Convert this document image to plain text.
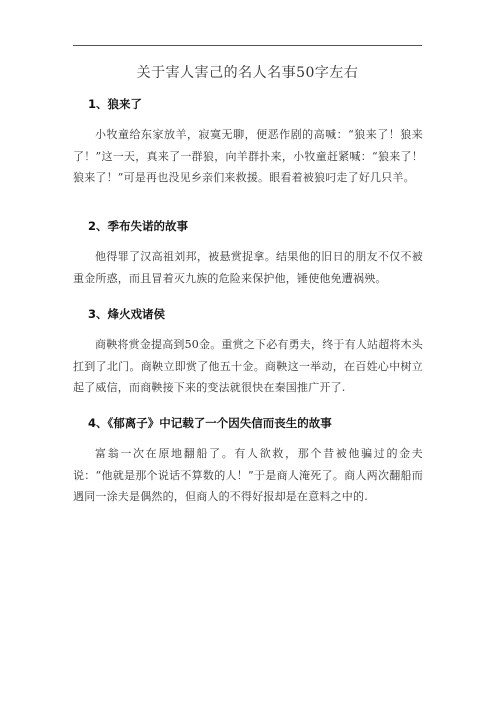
关于害人害己的名人名事50字左右
1、狼来了

小牧童给东家放羊，寂寞无聊，便恶作剧的高喊：“狼来了！狼来了！”这一天，真来了一群狼，向羊群扑来，小牧童赶紧喊：“狼来了！狼来了！”可是再也没见乡亲们来救援。眼看着被狼叼走了好几只羊。

2、季布失诺的故事

他得罪了汉高祖刘邦，被悬赏捉拿。结果他的旧日的朋友不仅不被重金所惑，而且冒着灭九族的危险来保护他，锤使他免遭祸殃。

3、烽火戏诸侯

商鞅将赏金提高到50金。重赏之下必有勇夫，终于有人站超将木头扛到了北门。商鞅立即赏了他五十金。商鞅这一举动，在百姓心中树立起了威信，而商鞅接下来的变法就很快在秦国推广开了.

4、《郁离子》中记载了一个因失信而丧生的故事

富翁一次在原地翻船了。有人欲救，那个昔被他骗过的金夫说：“他就是那个说话不算数的人！”于是商人淹死了。商人两次翻船而遇同一涂夫是偶然的，但商人的不得好报却是在意料之中的.
